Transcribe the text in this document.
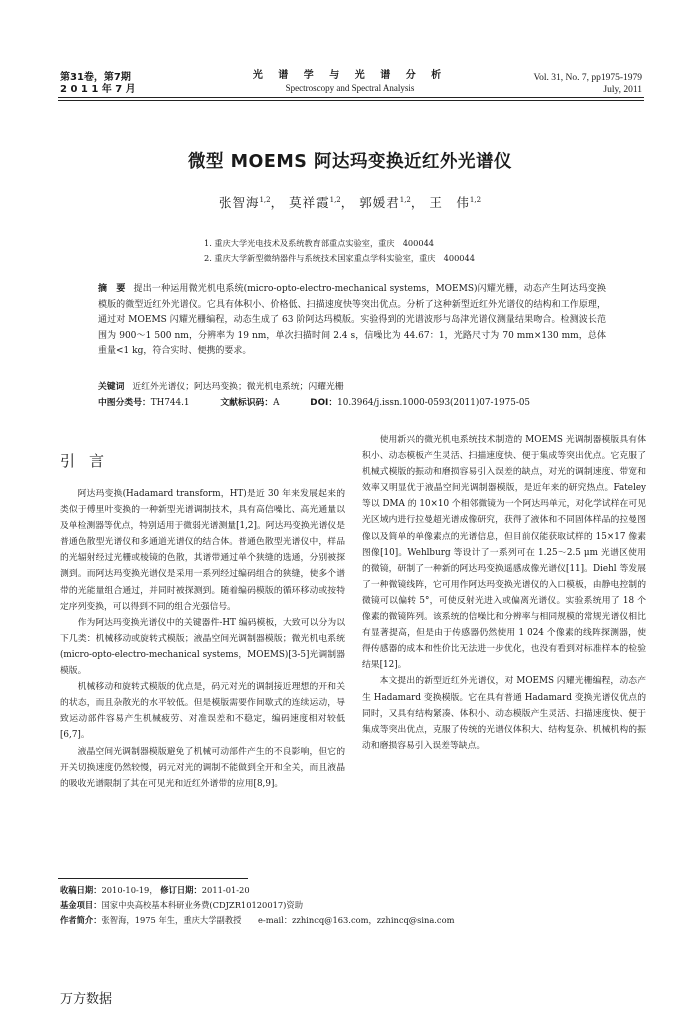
第31卷，第7期
2 0 1 1 年 7 月
光 谱 学 与 光 谱 分 析
Spectroscopy and Spectral Analysis
Vol. 31, No. 7, pp1975-1979
July, 2011
微型 MOEMS 阿达玛变换近红外光谱仪
张智海$^{1,2}$， 莫祥霞$^{1,2}$， 郭媛君$^{1,2}$， 王　伟$^{1,2}$
1. 重庆大学光电技术及系统教育部重点实验室，重庆　400044
2. 重庆大学新型微纳器件与系统技术国家重点学科实验室，重庆　400044
摘　要 提出一种运用微光机电系统(micro-opto-electro-mechanical systems，MOEMS)闪耀光栅，动态产生阿达玛变换模版的微型近红外光谱仪。它具有体积小、价格低、扫描速度快等突出优点。分析了这种新型近红外光谱仪的结构和工作原理，通过对 MOEMS 闪耀光栅编程，动态生成了 63 阶阿达玛模版。实验得到的光谱波形与岛津光谱仪测量结果吻合。检测波长范围为 900～1 500 nm，分辨率为 19 nm，单次扫描时间 2.4 s，信噪比为 44.67：1，光路尺寸为 70 mm×130 mm，总体重量<1 kg，符合实时、便携的要求。
关键词 近红外光谱仪；阿达玛变换；微光机电系统；闪耀光栅
中图分类号：TH744.1	文献标识码：A	DOI：10.3964/j.issn.1000-0593(2011)07-1975-05
引言

阿达玛变换(Hadamard transform，HT)是近 30 年来发展起来的类似于傅里叶变换的一种新型光谱调制技术，具有高信噪比、高光通量以及单检测器等优点，特别适用于微弱光谱测量[1,2]。阿达玛变换光谱仪是普通色散型光谱仪和多通道光谱仪的结合体。普通色散型光谱仪中，样品的光辐射经过光栅或棱镜的色散，其谱带通过单个狭缝的选通，分别被探测到。而阿达玛变换光谱仪是采用一系列经过编码组合的狭缝，使多个谱带的光能量组合通过，并同时被探测到。随着编码模版的循环移动或按特定序列变换，可以得到不同的组合光强信号。

作为阿达玛变换光谱仪中的关键器件-HT 编码模板，大致可以分为以下几类：机械移动或旋转式模版；液晶空间光调制器模版；微光机电系统(micro-opto-electro-mechanical systems，MOEMS)[3-5]光调制器模版。

机械移动和旋转式模版的优点是，码元对光的调制接近理想的开和关的状态，而且杂散光的水平较低。但是模版需要作间歇式的连续运动，导致运动部件容易产生机械疲劳、对准误差和不稳定，编码速度相对较低[6,7]。

液晶空间光调制器模版避免了机械可动部件产生的不良影响，但它的开关切换速度仍然较慢，码元对光的调制不能做到全开和全关，而且液晶的吸收光谱限制了其在可见光和近红外谱带的应用[8,9]。

使用新兴的微光机电系统技术制造的 MOEMS 光调制器模版具有体积小、动态模板产生灵活、扫描速度快、便于集成等突出优点。它克服了机械式模版的振动和磨损容易引入误差的缺点，对光的调制速度、带宽和效率又明显优于液晶空间光调制器模版，是近年来的研究热点。Fateley 等以 DMA 的 10×10 个相邻微镜为一个阿达玛单元，对化学试样在可见光区域内进行拉曼超光谱成像研究，获得了液体和不同固体样品的拉曼图像以及简单的单像素点的光谱信息，但目前仅能获取试样的 15×17 像素图像[10]。Wehlburg 等设计了一系列可在 1.25～2.5 μm 光谱区使用的微镜，研制了一种新的阿达玛变换遥感成像光谱仪[11]。Diehl 等发展了一种微镜线阵，它可用作阿达玛变换光谱仪的入口模板，由静电控制的微镜可以偏转 5°，可使反射光进入或偏离光谱仪。实验系统用了 18 个像素的微镜阵列。该系统的信噪比和分辨率与相同规模的常规光谱仪相比有显著提高，但是由于传感器仍然使用 1 024 个像素的线阵探测器，使得传感器的成本和性价比无法进一步优化，也没有看到对标准样本的检验结果[12]。

本文提出的新型近红外光谱仪，对 MOEMS 闪耀光栅编程，动态产生 Hadamard 变换模版。它在具有普通 Hadamard 变换光谱仪优点的同时，又具有结构紧凑、体积小、动态模版产生灵活、扫描速度快、便于集成等突出优点，克服了传统的光谱仪体积大、结构复杂、机械机构的振动和磨损容易引入误差等缺点。

收稿日期：2010-10-19， 修订日期：2011-01-20
基金项目：国家中央高校基本科研业务费(CDJZR10120017)资助
作者简介：张智海，1975 年生，重庆大学副教授　　e-mail：zzhincq@163.com，zzhincq@sina.com
万方数据
